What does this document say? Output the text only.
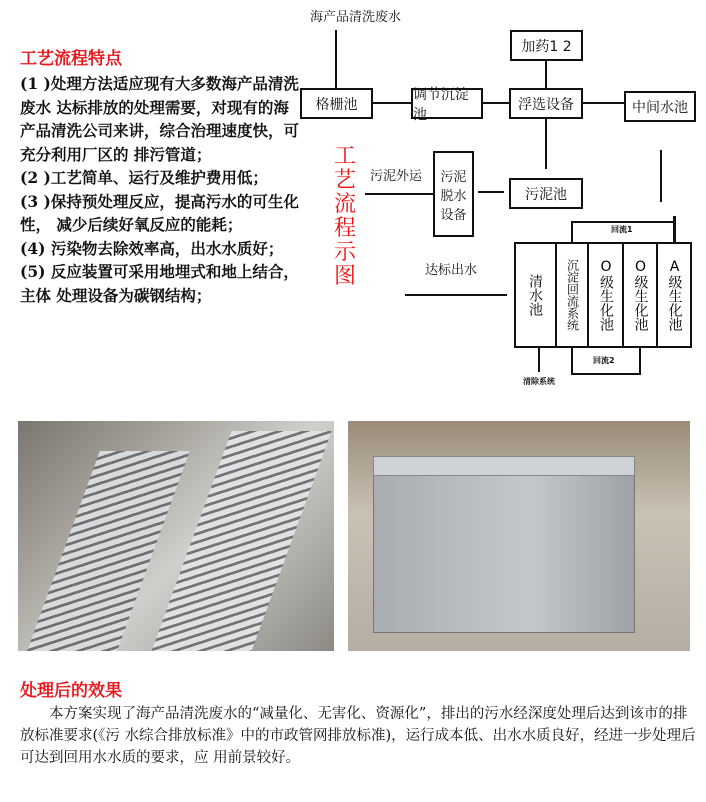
工艺流程特点
(1 )处理方法适应现有大多数海产品清洗废水 达标排放的处理需要，对现有的海产品清洗公司来讲，综合治理速度快，可充分利用厂区的 排污管道；
(2 )工艺简单、运行及维护费用低；
(3 )保持预处理反应，提高污水的可生化性， 减少后续好氧反应的能耗；
(4) 污染物去除效率高，出水水质好；
(5) 反应装置可采用地埋式和地上结合，主体 处理设备为碳钢结构；
海产品清洗废水
格栅池
调节沉淀池
加药1 2
浮选设备	中间水池
污泥池
污泥脱水设备
污泥外运
工艺流程示图
回流1
达标出水
清水池	沉淀回流系统	O级生化池	O级生化池	A级生化池
回流2
清除系统
处理后的效果
本方案实现了海产品清洗废水的“减量化、无害化、资源化”，排出的污水经深度处理后达到该市的排放标准要求(《污 水综合排放标准》中的市政管网排放标准)，运行成本低、出水水质良好，经进一步处理后可达到回用水水质的要求，应 用前景较好。
